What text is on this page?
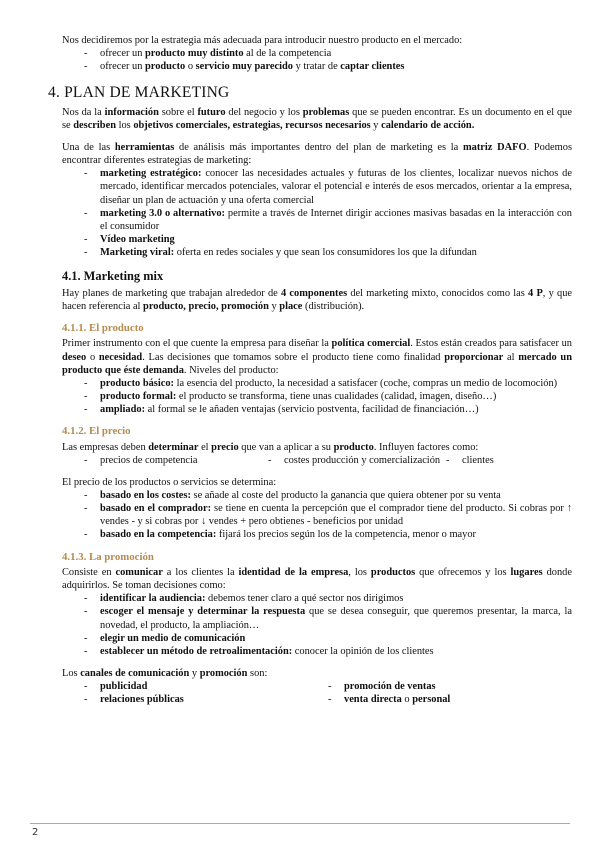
Nos decidiremos por la estrategia más adecuada para introducir nuestro producto en el mercado:

- ofrecer un producto muy distinto al de la competencia
- ofrecer un producto o servicio muy parecido y tratar de captar clientes
4. PLAN DE MARKETING

Nos da la información sobre el futuro del negocio y los problemas que se pueden encontrar. Es un documento en el que se describen los objetivos comerciales, estrategias, recursos necesarios y calendario de acción.

Una de las herramientas de análisis más importantes dentro del plan de marketing es la matriz DAFO. Podemos encontrar diferentes estrategias de marketing:

- marketing estratégico: conocer las necesidades actuales y futuras de los clientes, localizar nuevos nichos de mercado, identificar mercados potenciales, valorar el potencial e interés de esos mercados, orientar a la empresa, diseñar un plan de actuación y una oferta comercial
- marketing 3.0 o alternativo: permite a través de Internet dirigir acciones masivas basadas en la interacción con el consumidor
- Vídeo marketing
- Marketing viral: oferta en redes sociales y que sean los consumidores los que la difundan
4.1. Marketing mix

Hay planes de marketing que trabajan alrededor de 4 componentes del marketing mixto, conocidos como las 4 P, y que hacen referencia al producto, precio, promoción y place (distribución).

4.1.1. El producto

Primer instrumento con el que cuente la empresa para diseñar la política comercial. Estos están creados para satisfacer un deseo o necesidad. Las decisiones que tomamos sobre el producto tiene como finalidad proporcionar al mercado un producto que éste demanda. Niveles del producto:

- producto básico: la esencia del producto, la necesidad a satisfacer (coche, compras un medio de locomoción)
- producto formal: el producto se transforma, tiene unas cualidades (calidad, imagen, diseño…)
- ampliado: al formal se le añaden ventajas (servicio postventa, facilidad de financiación…)
4.1.2. El precio

Las empresas deben determinar el precio que van a aplicar a su producto. Influyen factores como:

- precios de competencia	- costes producción y comercialización	- clientes

El precio de los productos o servicios se determina:

- basado en los costes: se añade al coste del producto la ganancia que quiera obtener por su venta
- basado en el comprador: se tiene en cuenta la percepción que el comprador tiene del producto. Si cobras por ↑ vendes - y si cobras por ↓ vendes + pero obtienes - beneficios por unidad
- basado en la competencia: fijará los precios según los de la competencia, menor o mayor
4.1.3. La promoción

Consiste en comunicar a los clientes la identidad de la empresa, los productos que ofrecemos y los lugares donde adquirirlos. Se toman decisiones como:

- identificar la audiencia: debemos tener claro a qué sector nos dirigimos
- escoger el mensaje y determinar la respuesta que se desea conseguir, que queremos presentar, la marca, la novedad, el producto, la ampliación…
- elegir un medio de comunicación
- establecer un método de retroalimentación: conocer la opinión de los clientes

Los canales de comunicación y promoción son:

- publicidad
- relaciones públicas
- promoción de ventas
- venta directa o personal
2
